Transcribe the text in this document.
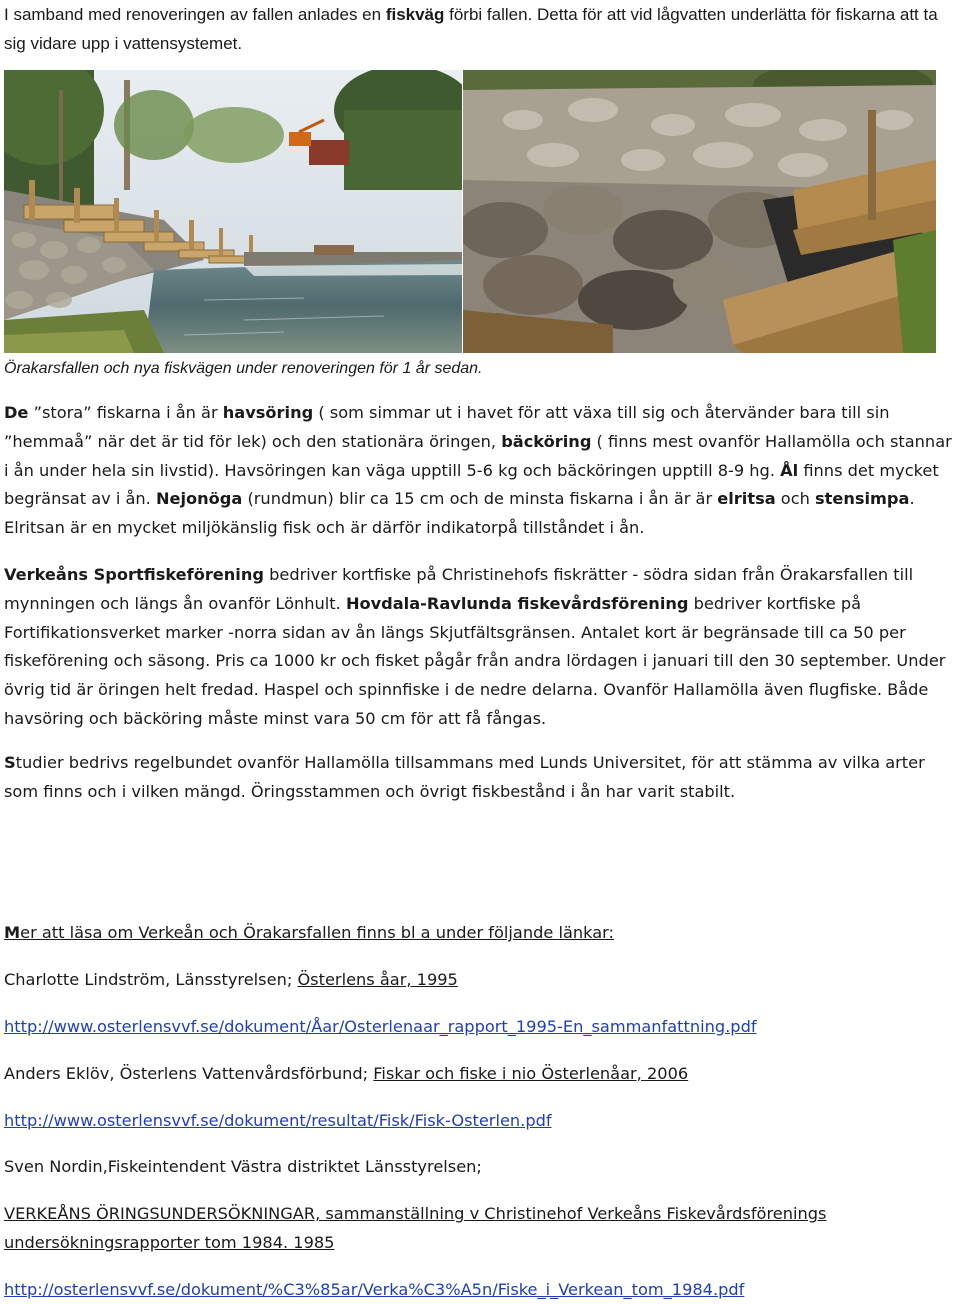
I samband med renoveringen av fallen anlades en fiskväg förbi fallen. Detta för att vid lågvatten underlätta för fiskarna att ta sig vidare upp i vattensystemet.

Örakarsfallen och nya fiskvägen under renoveringen för 1 år sedan.

De ”stora” fiskarna i ån är havsöring ( som simmar ut i havet för att växa till sig och återvänder bara till sin ”hemmaå” när det är tid för lek) och den stationära öringen, bäcköring ( finns mest ovanför Hallamölla och stannar i ån under hela sin livstid). Havsöringen kan väga upptill 5-6 kg och bäcköringen upptill 8-9 hg. Ål finns det mycket begränsat av i ån. Nejonöga (rundmun) blir ca 15 cm och de minsta fiskarna i ån är är elritsa och stensimpa. Elritsan är en mycket miljökänslig fisk och är därför indikatorpå tillståndet i ån.

Verkeåns Sportfiskeförening bedriver kortfiske på Christinehofs fiskrätter - södra sidan från Örakarsfallen till mynningen och längs ån ovanför Lönhult. Hovdala-Ravlunda fiskevårdsförening bedriver kortfiske på Fortifikationsverket marker -norra sidan av ån längs Skjutfältsgränsen. Antalet kort är begränsade till ca 50 per fiskeförening och säsong. Pris ca 1000 kr och fisket pågår från andra lördagen i januari till den 30 september. Under övrig tid är öringen helt fredad. Haspel och spinnfiske i de nedre delarna. Ovanför Hallamölla även flugfiske. Både havsöring och bäcköring måste minst vara 50 cm för att få fångas.

Studier bedrivs regelbundet ovanför Hallamölla tillsammans med Lunds Universitet, för att stämma av vilka arter som finns och i vilken mängd. Öringsstammen och övrigt fiskbestånd i ån har varit stabilt.

Mer att läsa om Verkeån och Örakarsfallen finns bl a under följande länkar:

Charlotte Lindström, Länsstyrelsen; Österlens åar, 1995

http://www.osterlensvvf.se/dokument/Åar/Osterlenaar_rapport_1995-En_sammanfattning.pdf

Anders Eklöv, Österlens Vattenvårdsförbund; Fiskar och fiske i nio Österlenåar, 2006

http://www.osterlensvvf.se/dokument/resultat/Fisk/Fisk-Osterlen.pdf

Sven Nordin,Fiskeintendent Västra distriktet Länsstyrelsen;

VERKEÅNS ÖRINGSUNDERSÖKNINGAR, sammanställning v Christinehof Verkeåns Fiskevårdsförenings

undersökningsrapporter tom 1984. 1985

http://osterlensvvf.se/dokument/%C3%85ar/Verka%C3%A5n/Fiske_i_Verkean_tom_1984.pdf
